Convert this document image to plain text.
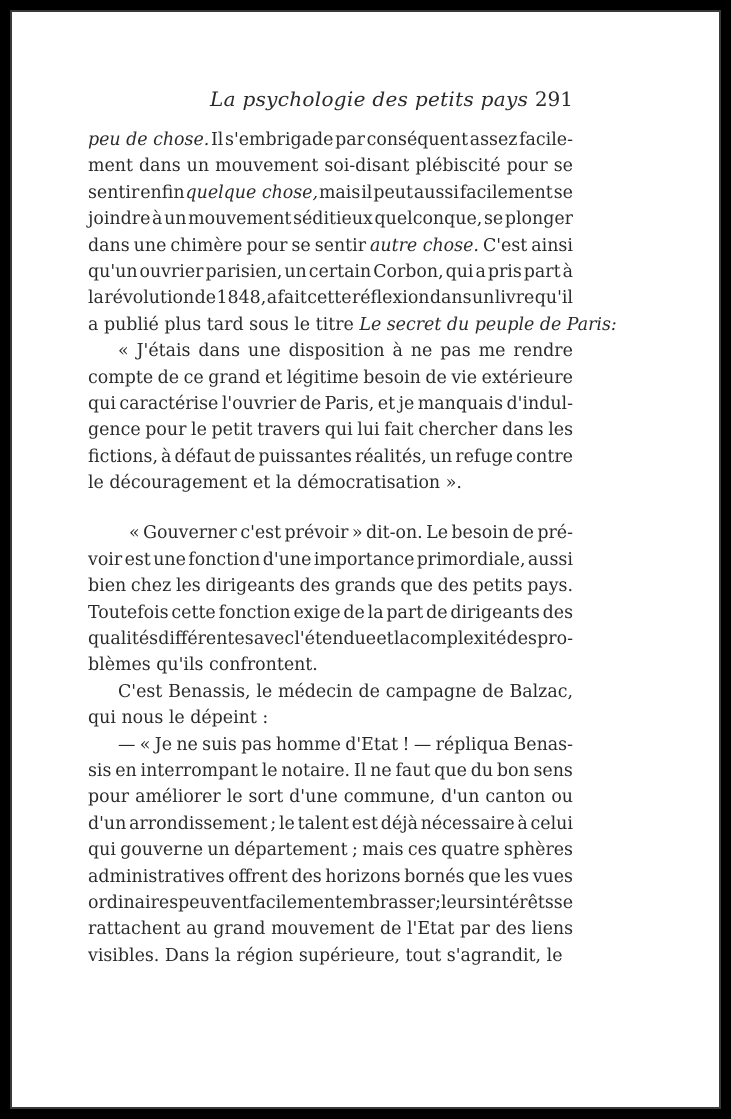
La psychologie des petits pays 291
peu de chose. Il s'embrigade par conséquent assez facile-
ment dans un mouvement soi-disant plébiscité pour se
sentir enfin quelque chose, mais il peut aussi facilement se
joindre à un mouvement séditieux quelconque, se plonger
dans une chimère pour se sentir autre chose. C'est ainsi
qu'un ouvrier parisien, un certain Corbon, qui a pris part à
la révolution de 1848, a fait cette réflexion dans un livre qu'il
a publié plus tard sous le titre Le secret du peuple de Paris:
« J'étais dans une disposition à ne pas me rendre
compte de ce grand et légitime besoin de vie extérieure
qui caractérise l'ouvrier de Paris, et je manquais d'indul-
gence pour le petit travers qui lui fait chercher dans les
fictions, à défaut de puissantes réalités, un refuge contre
le découragement et la démocratisation ».
« Gouverner c'est prévoir » dit-on. Le besoin de pré-
voir est une fonction d'une importance primordiale, aussi
bien chez les dirigeants des grands que des petits pays.
Toutefois cette fonction exige de la part de dirigeants des
qualités différentes avec l'étendue et la complexité des pro-
blèmes qu'ils confrontent.
C'est Benassis, le médecin de campagne de Balzac,
qui nous le dépeint :
— « Je ne suis pas homme d'Etat ! — répliqua Benas-
sis en interrompant le notaire. Il ne faut que du bon sens
pour améliorer le sort d'une commune, d'un canton ou
d'un arrondissement ; le talent est déjà nécessaire à celui
qui gouverne un département ; mais ces quatre sphères
administratives offrent des horizons bornés que les vues
ordinaires peuvent facilement embrasser ; leurs intérêts se
rattachent au grand mouvement de l'Etat par des liens
visibles. Dans la région supérieure, tout s'agrandit, le
